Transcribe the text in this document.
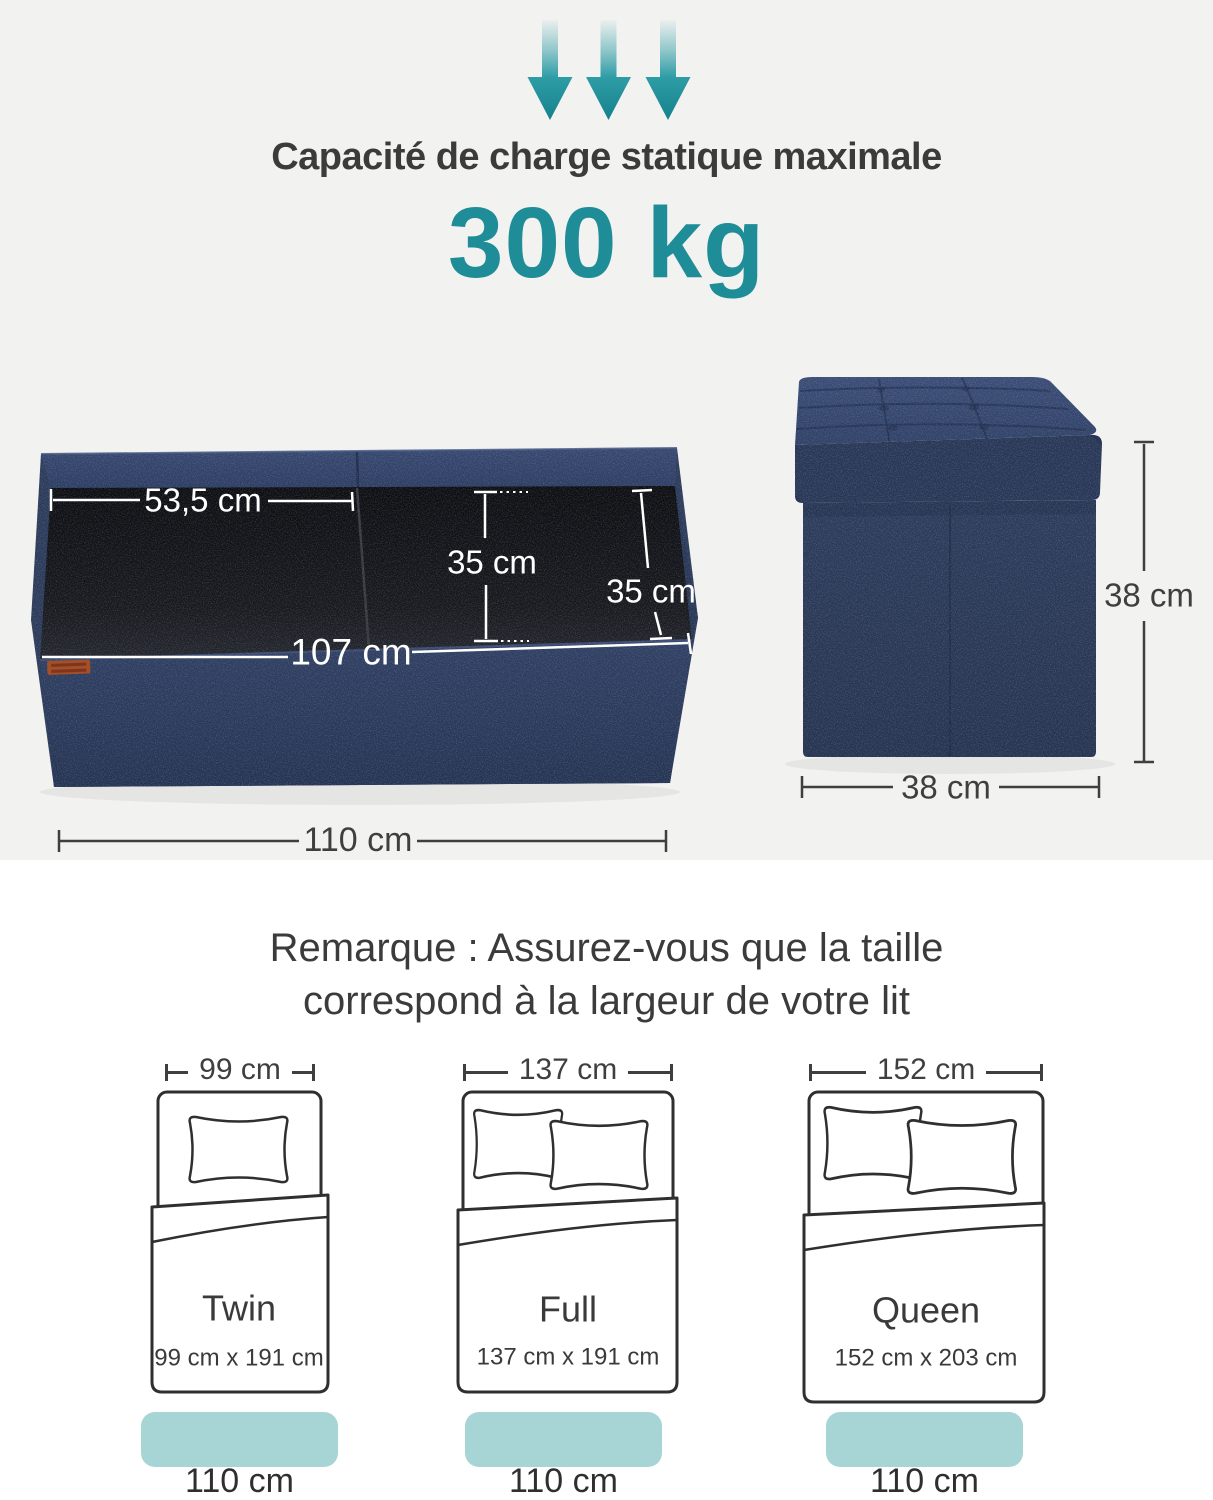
Capacité de charge statique maximale
300 kg
53,5 cm
35 cm
35 cm
107 cm
110 cm
38 cm
38 cm
Remarque : Assurez-vous que la taille
correspond à la largeur de votre lit
99 cm
Twin
99 cm x 191 cm
110 cm
137 cm
Full
137 cm x 191 cm
110 cm
152 cm
Queen
152 cm x 203 cm
110 cm
